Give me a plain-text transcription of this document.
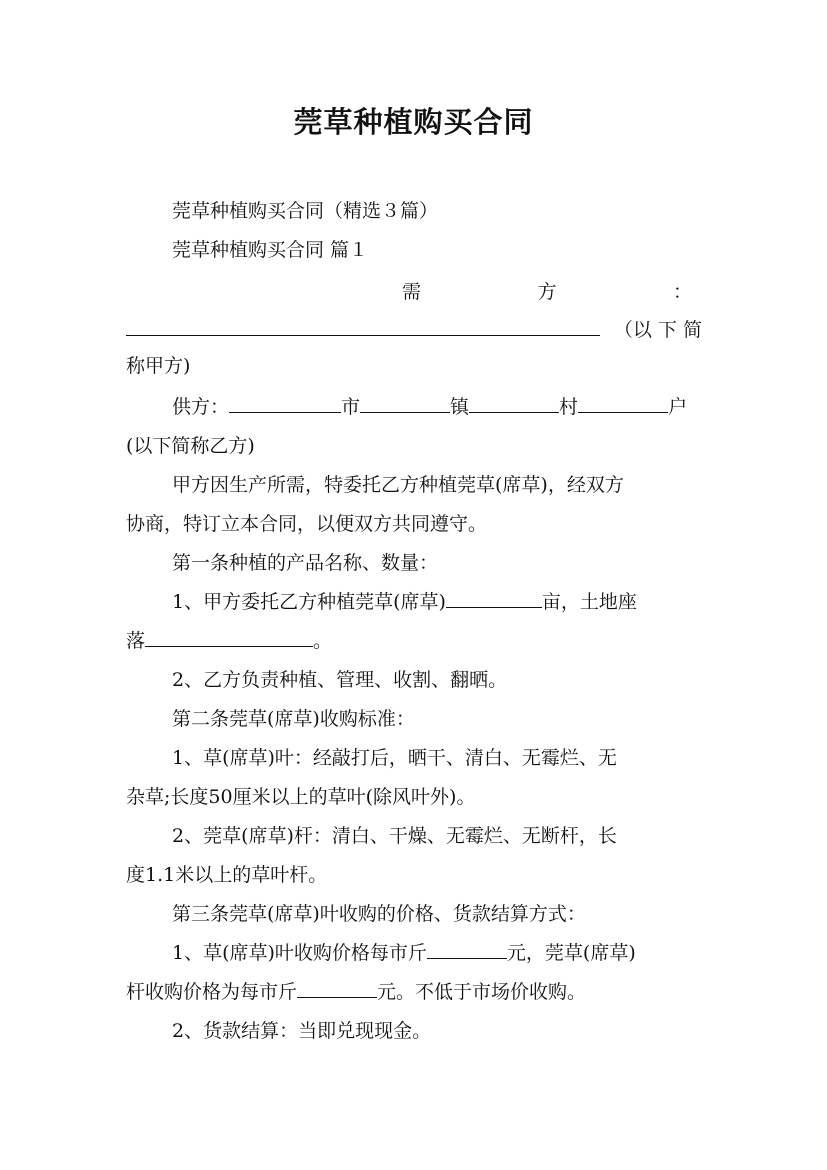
莞草种植购买合同
莞草种植购买合同（精选３篇）
莞草种植购买合同 篇１
需	方	：
（以 下 简
称甲方)
供方：	市	镇	村	户
(以下简称乙方)
甲方因生产所需，特委托乙方种植莞草(席草)，经双方
协商，特订立本合同，以便双方共同遵守。
第一条种植的产品名称、数量：
1、甲方委托乙方种植莞草(席草)	亩，土地座
落	。
2、乙方负责种植、管理、收割、翻晒。
第二条莞草(席草)收购标准：
1、草(席草)叶：经敲打后，晒干、清白、无霉烂、无
杂草;长度50厘米以上的草叶(除风叶外)。
2、莞草(席草)杆：清白、干燥、无霉烂、无断杆，长
度1.1米以上的草叶杆。
第三条莞草(席草)叶收购的价格、货款结算方式：
1、草(席草)叶收购价格每市斤	元，莞草(席草)
杆收购价格为每市斤	元。不低于市场价收购。
2、货款结算：当即兑现现金。
